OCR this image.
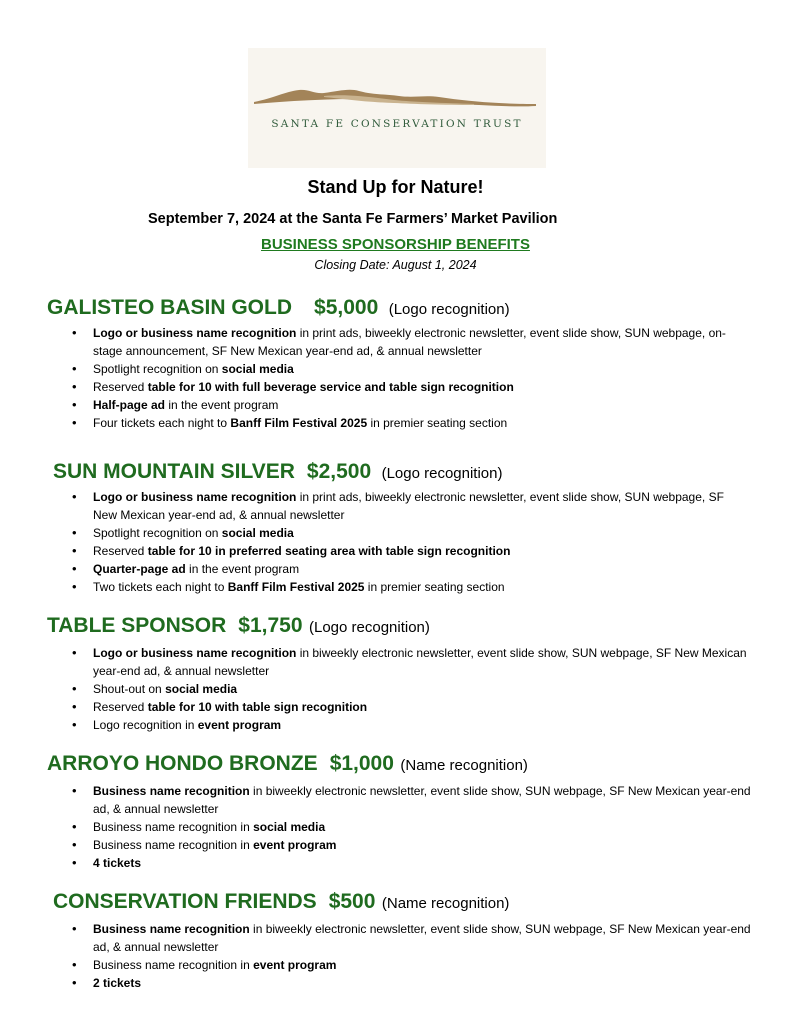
SANTA FE CONSERVATION TRUST
Stand Up for Nature!
September 7, 2024 at the Santa Fe Farmers’ Market Pavilion
BUSINESS SPONSORSHIP BENEFITS
Closing Date: August 1, 2024
GALISTEO BASIN GOLD $5,000 (Logo recognition)
• Logo or business name recognition in print ads, biweekly electronic newsletter, event slide show, SUN webpage, on-stage announcement, SF New Mexican year-end ad, & annual newsletter
• Spotlight recognition on social media
• Reserved table for 10 with full beverage service and table sign recognition
• Half-page ad in the event program
• Four tickets each night to Banff Film Festival 2025 in premier seating section
SUN MOUNTAIN SILVER $2,500 (Logo recognition)
• Logo or business name recognition in print ads, biweekly electronic newsletter, event slide show, SUN webpage, SF New Mexican year-end ad, & annual newsletter
• Spotlight recognition on social media
• Reserved table for 10 in preferred seating area with table sign recognition
• Quarter-page ad in the event program
• Two tickets each night to Banff Film Festival 2025 in premier seating section
TABLE SPONSOR $1,750 (Logo recognition)
• Logo or business name recognition in biweekly electronic newsletter, event slide show, SUN webpage, SF New Mexican year-end ad, & annual newsletter
• Shout-out on social media
• Reserved table for 10 with table sign recognition
• Logo recognition in event program
ARROYO HONDO BRONZE $1,000 (Name recognition)
• Business name recognition in biweekly electronic newsletter, event slide show, SUN webpage, SF New Mexican year-end ad, & annual newsletter
• Business name recognition in social media
• Business name recognition in event program
• 4 tickets
CONSERVATION FRIENDS $500 (Name recognition)
• Business name recognition in biweekly electronic newsletter, event slide show, SUN webpage, SF New Mexican year-end ad, & annual newsletter
• Business name recognition in event program
• 2 tickets
